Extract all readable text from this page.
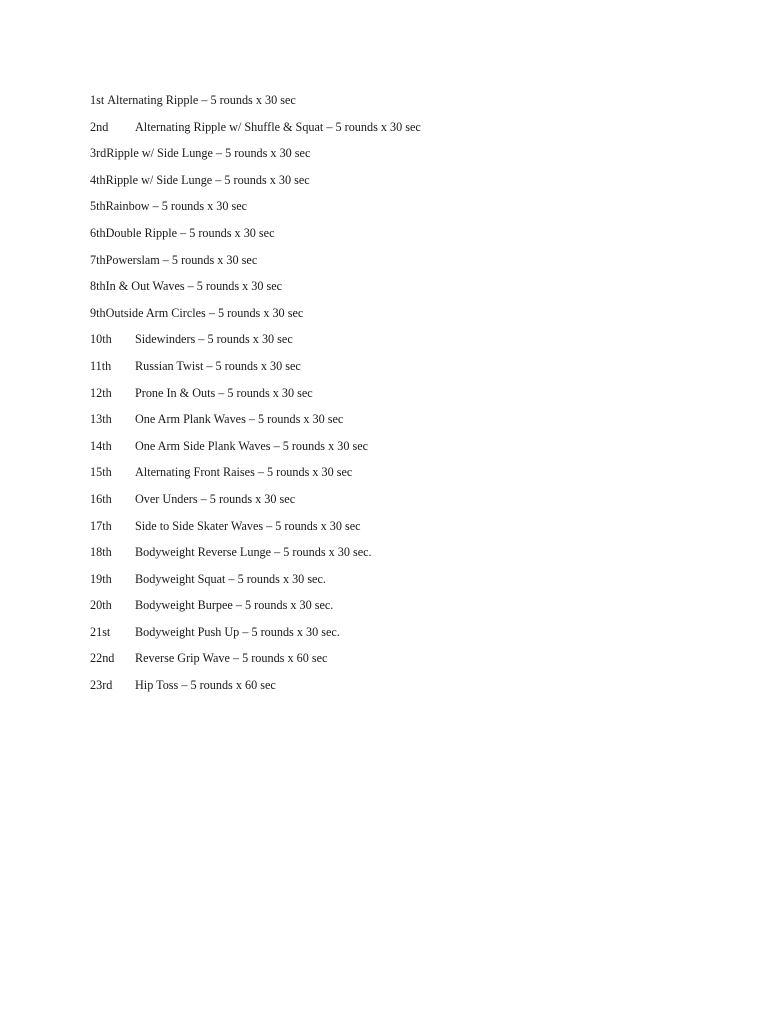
1st Alternating Ripple – 5 rounds x 30 sec
2nd	Alternating Ripple w/ Shuffle & Squat – 5 rounds x 30 sec
3rd Ripple w/ Side Lunge – 5 rounds x 30 sec
4th Ripple w/ Side Lunge – 5 rounds x 30 sec
5th Rainbow – 5 rounds x 30 sec
6th Double Ripple – 5 rounds x 30 sec
7th Powerslam – 5 rounds x 30 sec
8th In & Out Waves – 5 rounds x 30 sec
9th Outside Arm Circles – 5 rounds x 30 sec
10th	Sidewinders – 5 rounds x 30 sec
11th	Russian Twist – 5 rounds x 30 sec
12th	Prone In & Outs – 5 rounds x 30 sec
13th	One Arm Plank Waves – 5 rounds x 30 sec
14th	One Arm Side Plank Waves – 5 rounds x 30 sec
15th	Alternating Front Raises – 5 rounds x 30 sec
16th	Over Unders – 5 rounds x 30 sec
17th	Side to Side Skater Waves – 5 rounds x 30 sec
18th	Bodyweight Reverse Lunge – 5 rounds x 30 sec.
19th	Bodyweight Squat – 5 rounds x 30 sec.
20th	Bodyweight Burpee – 5 rounds x 30 sec.
21st	Bodyweight Push Up – 5 rounds x 30 sec.
22nd	Reverse Grip Wave – 5 rounds x 60 sec
23rd	Hip Toss – 5 rounds x 60 sec
